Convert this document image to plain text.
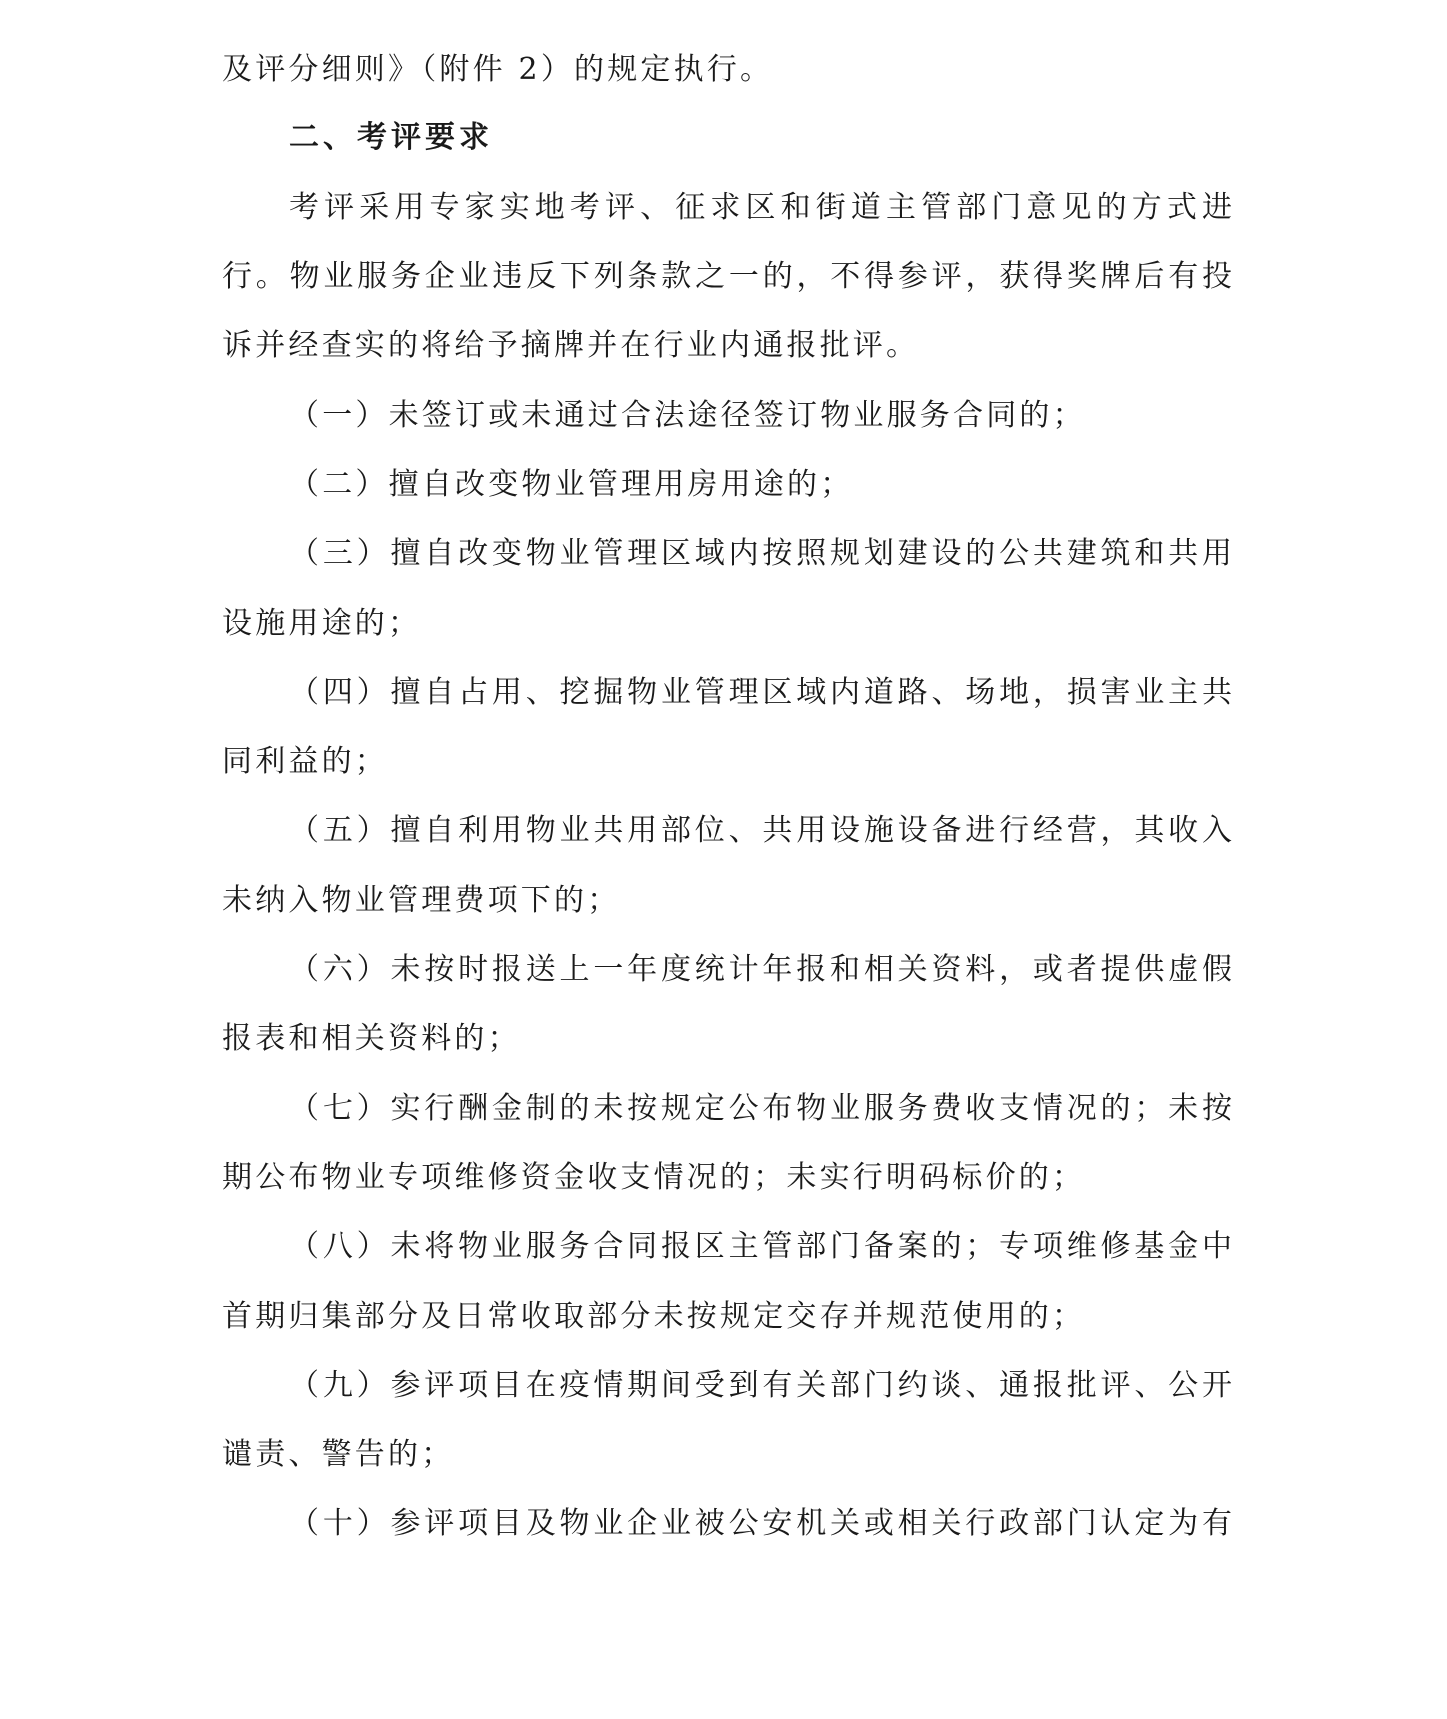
及评分细则》（附件 2）的规定执行。
二、考评要求
考评采用专家实地考评、征求区和街道主管部门意见的方式进
行。物业服务企业违反下列条款之一的，不得参评，获得奖牌后有投
诉并经查实的将给予摘牌并在行业内通报批评。
（一）未签订或未通过合法途径签订物业服务合同的；
（二）擅自改变物业管理用房用途的；
（三）擅自改变物业管理区域内按照规划建设的公共建筑和共用
设施用途的；
（四）擅自占用、挖掘物业管理区域内道路、场地，损害业主共
同利益的；
（五）擅自利用物业共用部位、共用设施设备进行经营，其收入
未纳入物业管理费项下的；
（六）未按时报送上一年度统计年报和相关资料，或者提供虚假
报表和相关资料的；
（七）实行酬金制的未按规定公布物业服务费收支情况的；未按
期公布物业专项维修资金收支情况的；未实行明码标价的；
（八）未将物业服务合同报区主管部门备案的；专项维修基金中
首期归集部分及日常收取部分未按规定交存并规范使用的；
（九）参评项目在疫情期间受到有关部门约谈、通报批评、公开
谴责、警告的；
（十）参评项目及物业企业被公安机关或相关行政部门认定为有
